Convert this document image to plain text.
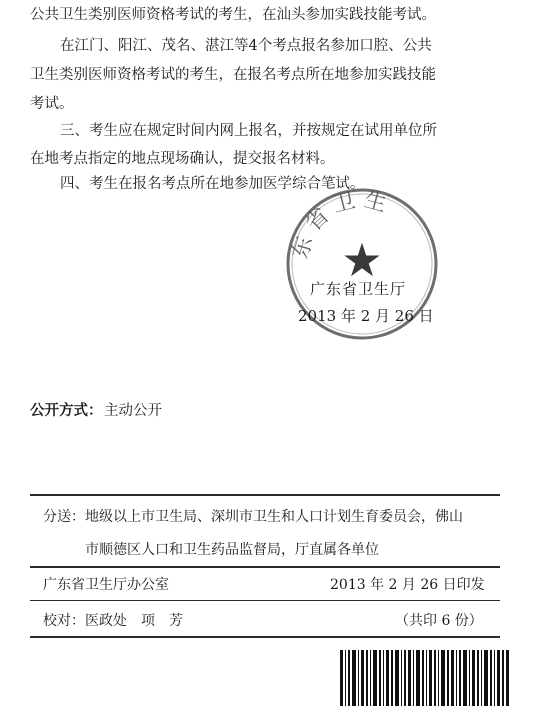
公共卫生类别医师资格考试的考生，在汕头参加实践技能考试。
在江门、阳江、茂名、湛江等4个考点报名参加口腔、公共
卫生类别医师资格考试的考生，在报名考点所在地参加实践技能
考试。
三、考生应在规定时间内网上报名，并按规定在试用单位所
在地考点指定的地点现场确认，提交报名材料。
四、考生在报名考点所在地参加医学综合笔试。
东省卫生
★
广东省卫生厅
2013 年 2 月 26 日
公开方式： 主动公开
分送：地级以上市卫生局、深圳市卫生和人口计划生育委员会，佛山
市顺德区人口和卫生药品监督局，厅直属各单位
广东省卫生厅办公室	2013 年 2 月 26 日印发
校对：医政处　项　芳	（共印 6 份）
